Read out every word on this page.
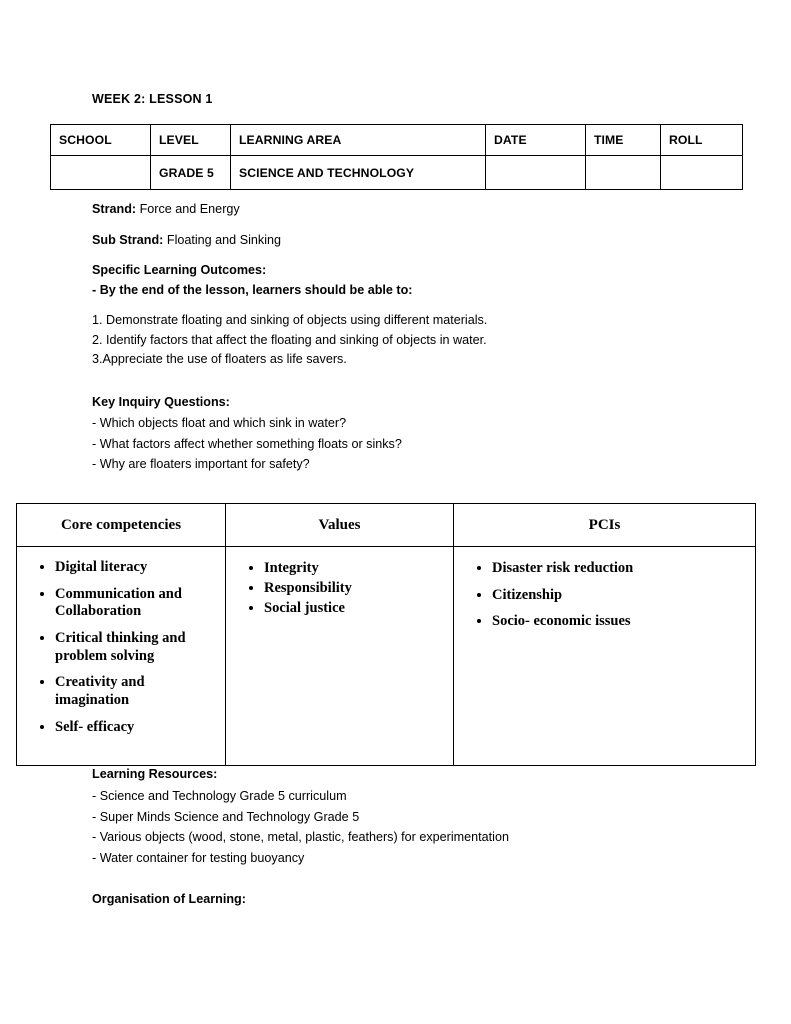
WEEK 2: LESSON 1
SCHOOL	LEVEL	LEARNING AREA	DATE	TIME	ROLL
	GRADE 5	SCIENCE AND TECHNOLOGY			
Strand: Force and Energy
Sub Strand: Floating and Sinking
Specific Learning Outcomes:
- By the end of the lesson, learners should be able to:
1. Demonstrate floating and sinking of objects using different materials.
2. Identify factors that affect the floating and sinking of objects in water.
3.Appreciate the use of floaters as life savers.
Key Inquiry Questions:
- Which objects float and which sink in water?
- What factors affect whether something floats or sinks?
- Why are floaters important for safety?
Core competencies	Values	PCIs

• Digital literacy
• Communication and Collaboration
• Critical thinking and problem solving
• Creativity and imagination
• Self- efficacy

• Integrity
• Responsibility
• Social justice

• Disaster risk reduction
• Citizenship
• Socio- economic issues
Learning Resources:
- Science and Technology Grade 5 curriculum
- Super Minds Science and Technology Grade 5
- Various objects (wood, stone, metal, plastic, feathers) for experimentation
- Water container for testing buoyancy
Organisation of Learning:
